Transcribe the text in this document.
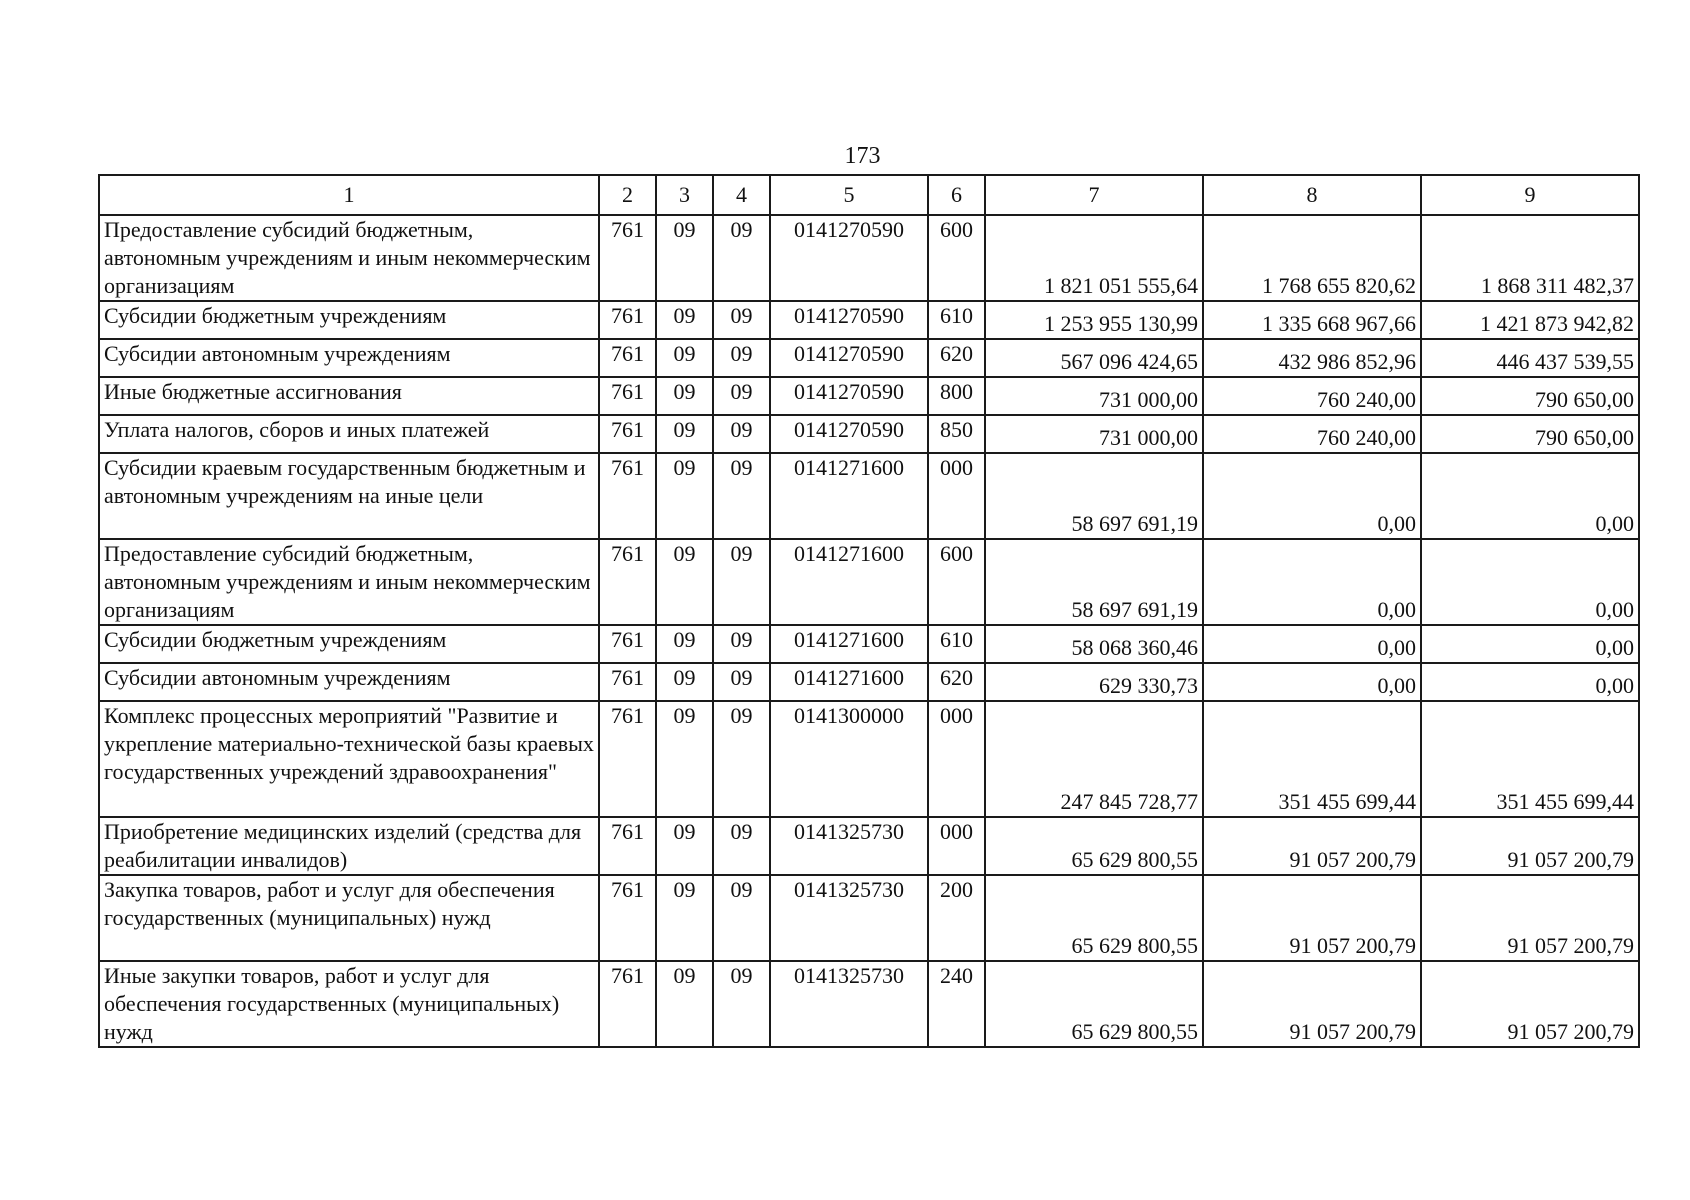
173
1	2	3	4	5	6	7	8	9
Предоставление субсидий бюджетным, автономным учреждениям и иным некоммерческим организациям	761	09	09	0141270590	600	1 821 051 555,64	1 768 655 820,62	1 868 311 482,37
Субсидии бюджетным учреждениям	761	09	09	0141270590	610	1 253 955 130,99	1 335 668 967,66	1 421 873 942,82
Субсидии автономным учреждениям	761	09	09	0141270590	620	567 096 424,65	432 986 852,96	446 437 539,55
Иные бюджетные ассигнования	761	09	09	0141270590	800	731 000,00	760 240,00	790 650,00
Уплата налогов, сборов и иных платежей	761	09	09	0141270590	850	731 000,00	760 240,00	790 650,00
Субсидии краевым государственным бюджетным и автономным учреждениям на иные цели	761	09	09	0141271600	000	58 697 691,19	0,00	0,00
Предоставление субсидий бюджетным, автономным учреждениям и иным некоммерческим организациям	761	09	09	0141271600	600	58 697 691,19	0,00	0,00
Субсидии бюджетным учреждениям	761	09	09	0141271600	610	58 068 360,46	0,00	0,00
Субсидии автономным учреждениям	761	09	09	0141271600	620	629 330,73	0,00	0,00
Комплекс процессных мероприятий "Развитие и укрепление материально-технической базы краевых государственных учреждений здравоохранения"	761	09	09	0141300000	000	247 845 728,77	351 455 699,44	351 455 699,44
Приобретение медицинских изделий (средства для реабилитации инвалидов)	761	09	09	0141325730	000	65 629 800,55	91 057 200,79	91 057 200,79
Закупка товаров, работ и услуг для обеспечения государственных (муниципальных) нужд	761	09	09	0141325730	200	65 629 800,55	91 057 200,79	91 057 200,79
Иные закупки товаров, работ и услуг для обеспечения государственных (муниципальных) нужд	761	09	09	0141325730	240	65 629 800,55	91 057 200,79	91 057 200,79
